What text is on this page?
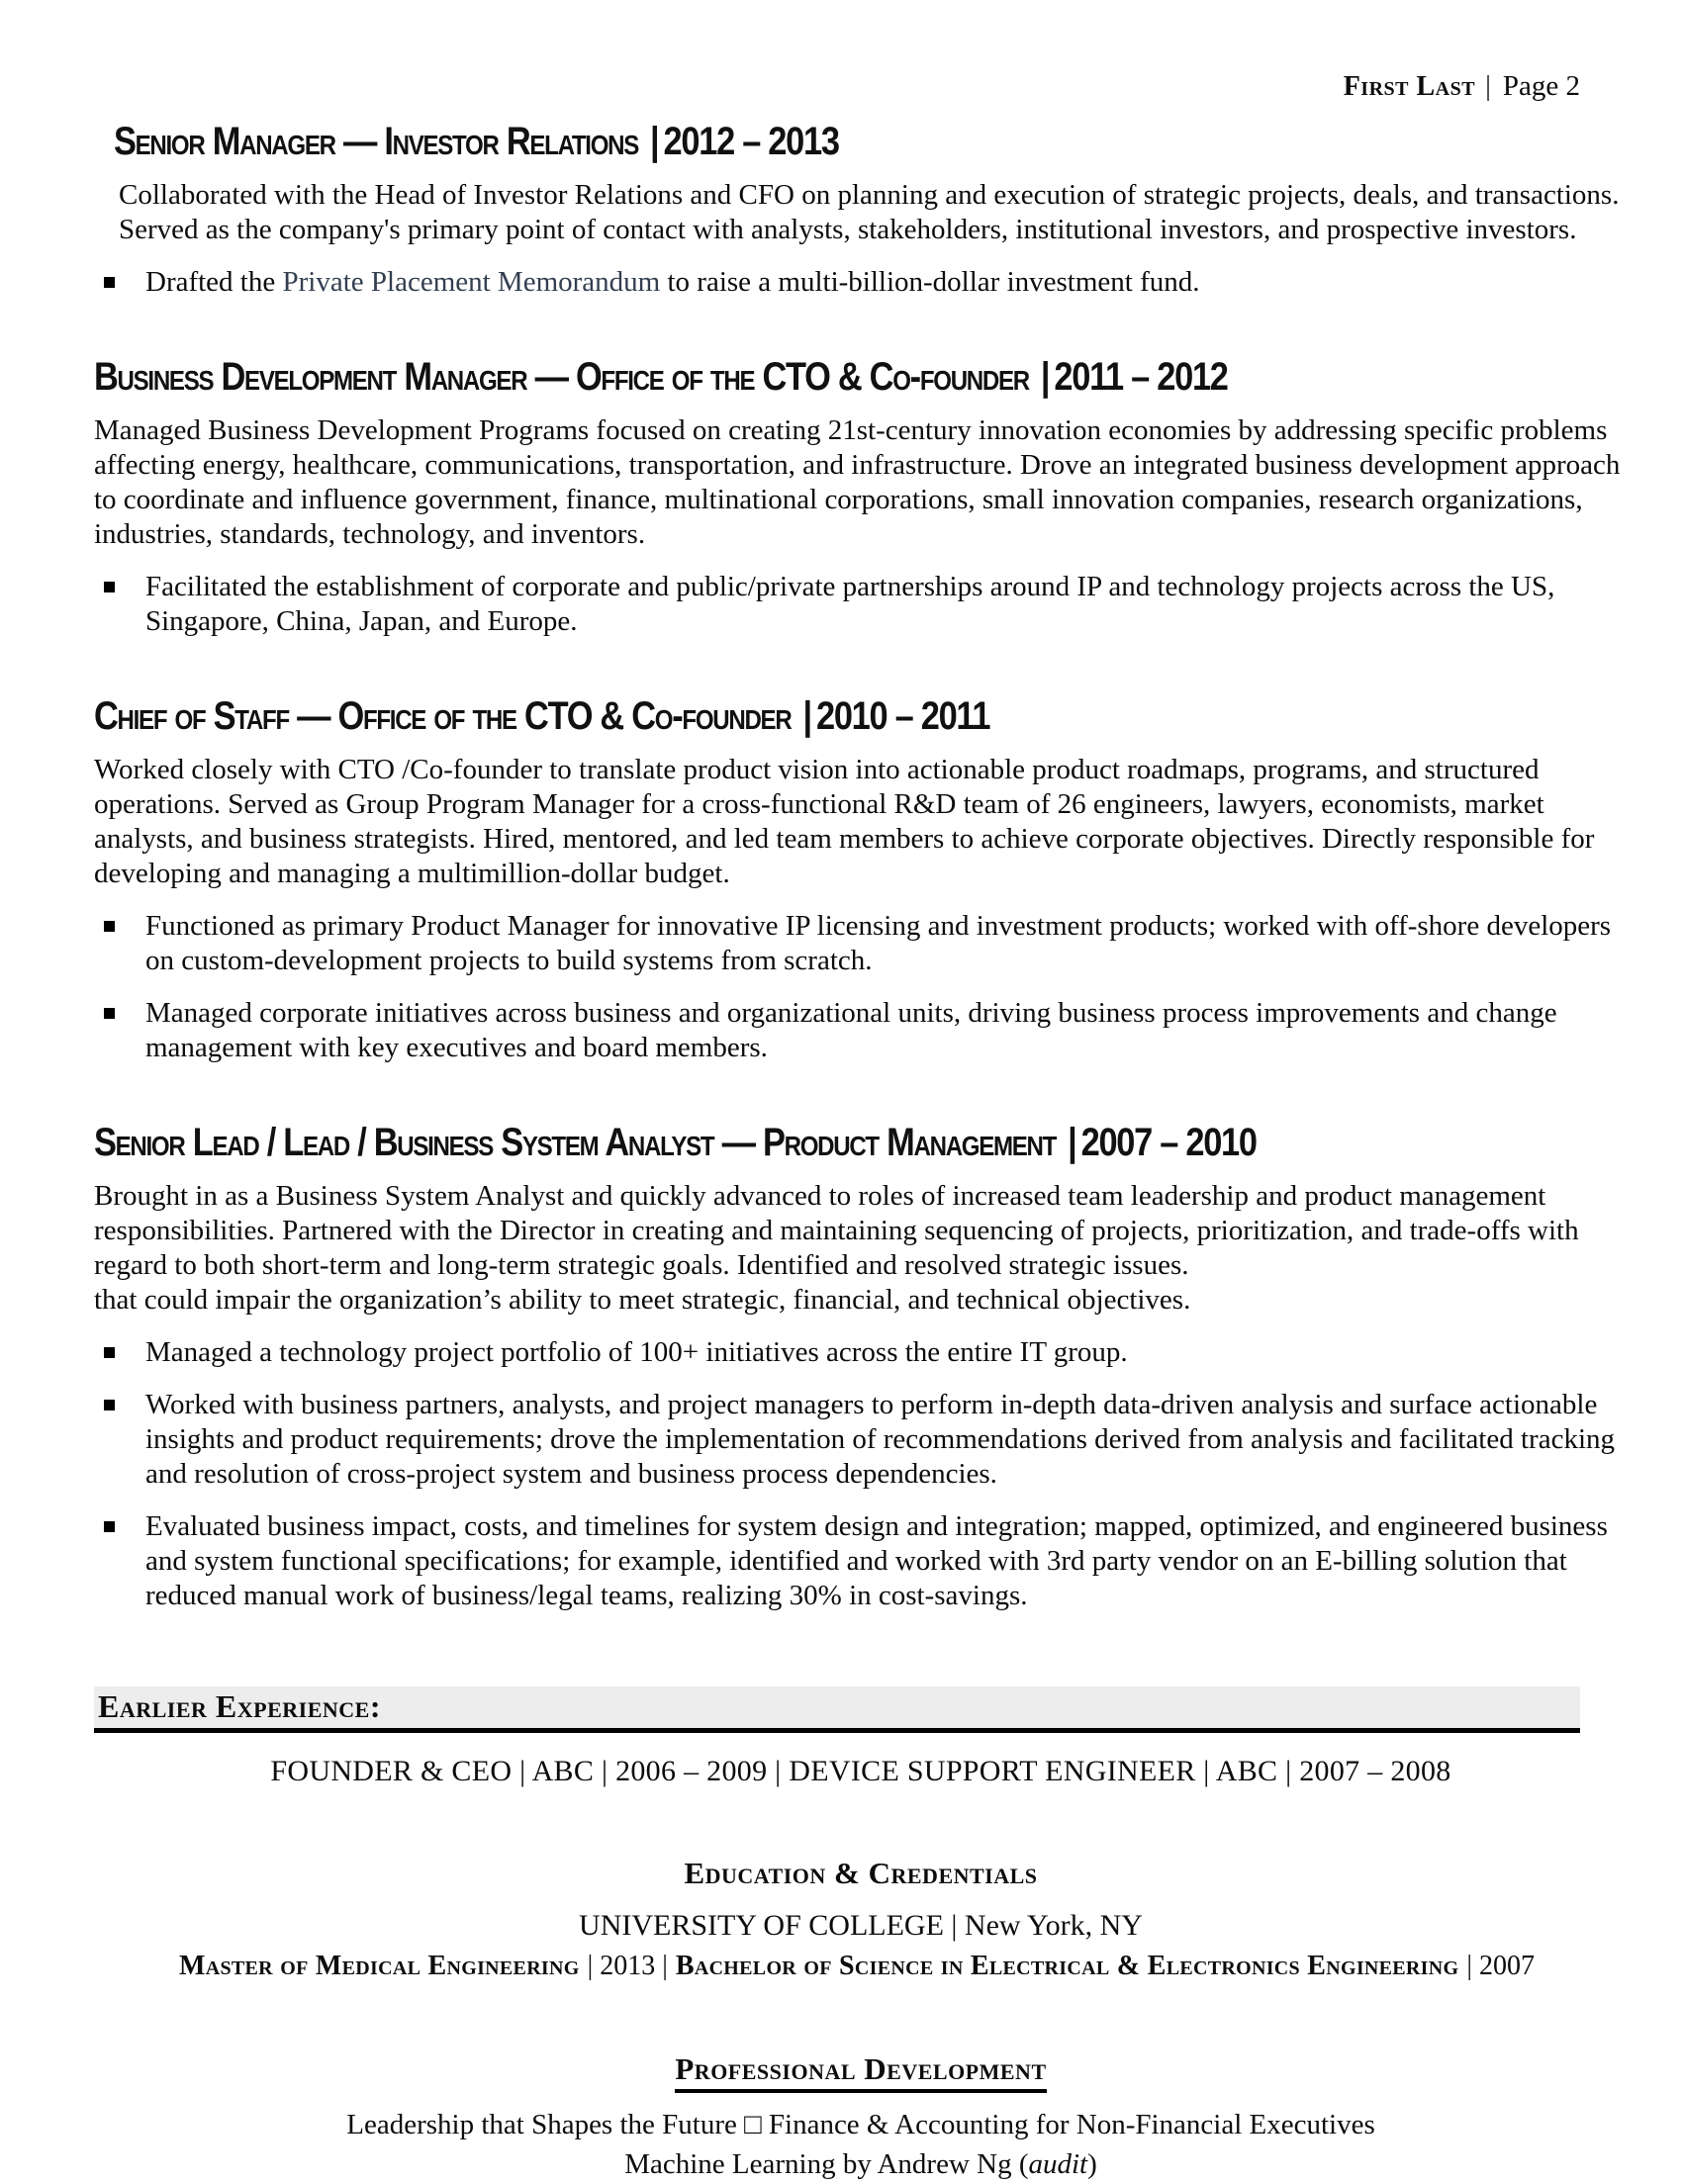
First Last | Page 2
Senior Manager — Investor Relations | 2012 – 2013

Collaborated with the Head of Investor Relations and CFO on planning and execution of strategic projects, deals, and transactions. Served as the company's primary point of contact with analysts, stakeholders, institutional investors, and prospective investors.

Drafted the Private Placement Memorandum to raise a multi-billion-dollar investment fund.
Business Development Manager — Office of the CTO & Co-founder | 2011 – 2012

Managed Business Development Programs focused on creating 21st-century innovation economies by addressing specific problems affecting energy, healthcare, communications, transportation, and infrastructure. Drove an integrated business development approach to coordinate and influence government, finance, multinational corporations, small innovation companies, research organizations, industries, standards, technology, and inventors.

Facilitated the establishment of corporate and public/private partnerships around IP and technology projects across the US, Singapore, China, Japan, and Europe.
Chief of Staff — Office of the CTO & Co-founder | 2010 – 2011

Worked closely with CTO /Co-founder to translate product vision into actionable product roadmaps, programs, and structured operations. Served as Group Program Manager for a cross-functional R&D team of 26 engineers, lawyers, economists, market analysts, and business strategists. Hired, mentored, and led team members to achieve corporate objectives. Directly responsible for developing and managing a multimillion-dollar budget.

Functioned as primary Product Manager for innovative IP licensing and investment products; worked with off-shore developers on custom-development projects to build systems from scratch.
Managed corporate initiatives across business and organizational units, driving business process improvements and change management with key executives and board members.
Senior Lead / Lead / Business System Analyst — Product Management | 2007 – 2010

Brought in as a Business System Analyst and quickly advanced to roles of increased team leadership and product management responsibilities. Partnered with the Director in creating and maintaining sequencing of projects, prioritization, and trade-offs with regard to both short-term and long-term strategic goals. Identified and resolved strategic issues.

that could impair the organization’s ability to meet strategic, financial, and technical objectives.

Managed a technology project portfolio of 100+ initiatives across the entire IT group.
Worked with business partners, analysts, and project managers to perform in-depth data-driven analysis and surface actionable insights and product requirements; drove the implementation of recommendations derived from analysis and facilitated tracking and resolution of cross-project system and business process dependencies.
Evaluated business impact, costs, and timelines for system design and integration; mapped, optimized, and engineered business and system functional specifications; for example, identified and worked with 3rd party vendor on an E-billing solution that reduced manual work of business/legal teams, realizing 30% in cost-savings.
Earlier Experience:
FOUNDER & CEO | ABC | 2006 – 2009 | DEVICE SUPPORT ENGINEER | ABC | 2007 – 2008
Education & Credentials
UNIVERSITY OF COLLEGE | New York, NY
Master of Medical Engineering | 2013 | Bachelor of Science in Electrical & Electronics Engineering | 2007
Professional Development
Leadership that Shapes the Future □ Finance & Accounting for Non-Financial Executives
Machine Learning by Andrew Ng (audit)
